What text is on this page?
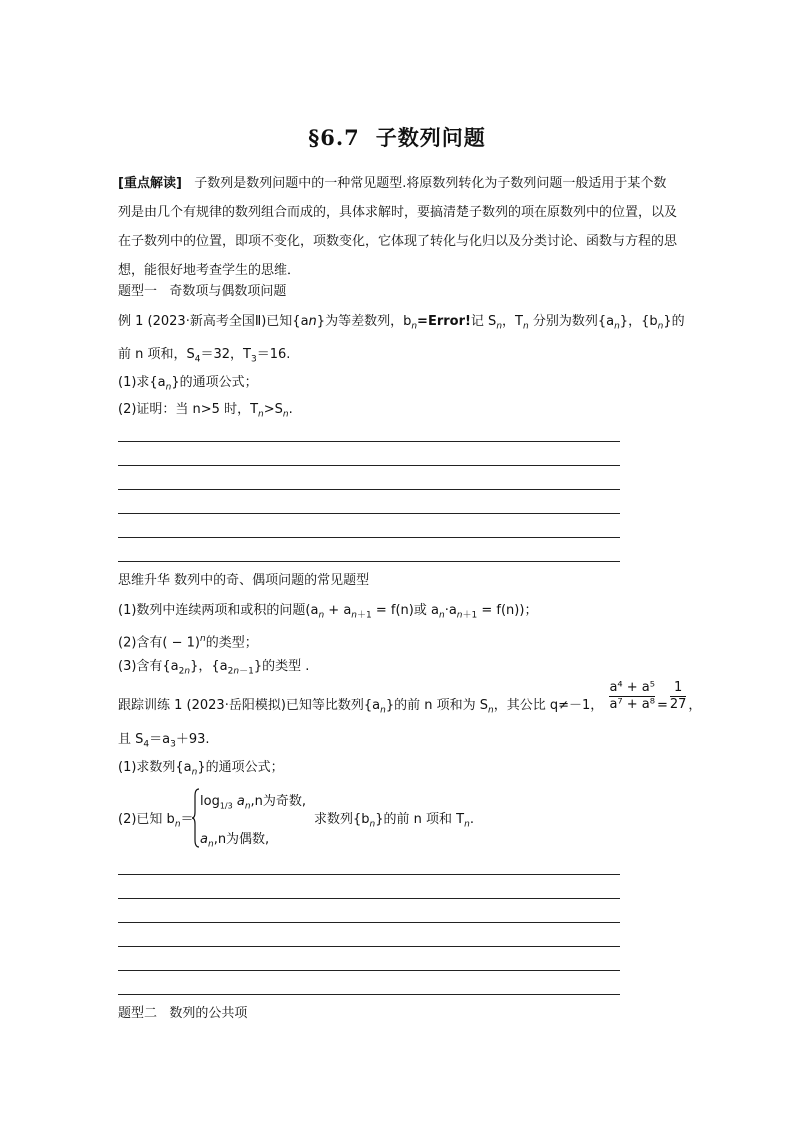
§6.7 子数列问题
[重点解读] 子数列是数列问题中的一种常见题型.将原数列转化为子数列问题一般适用于某个数列是由几个有规律的数列组合而成的，具体求解时，要搞清楚子数列的项在原数列中的位置，以及在子数列中的位置，即项不变化，项数变化，它体现了转化与化归以及分类讨论、函数与方程的思想，能很好地考查学生的思维．
题型一 奇数项与偶数项问题
例 1 (2023·新高考全国Ⅱ)已知{an}为等差数列，$b_n=Error$!记 $S_n$，$T_n$ 分别为数列$\{a_n\}$，$\{b_n\}$的
前 n 项和，$S_4=32$，$T_3=16$.
(1)求$\{a_n\}$的通项公式；
(2)证明：当 n>5 时，$T_n>S_n$.
思维升华 数列中的奇、偶项问题的常见题型
(1)数列中连续两项和或积的问题($a_n + a_{n+1} = f(n)$或 $a_n\cdot a_{n+1} = f(n)$)；
(2)含有( − 1)$^n$的类型；
(3)含有$\{a_{2n}\}$，$\{a_{2n-1}\}$的类型 .
跟踪训练 1 (2023·岳阳模拟)已知等比数列$\{a_n\}$的前 n 项和为 $S_n$，其公比 q≠－1， $\frac{\text{a⁴ + a⁵}}{\text{a⁷ + a⁸}} = \frac{1}{27}$ ，
且 $S_4=a_3+93$.
(1)求数列$\{a_n\}$的通项公式；
(2)已知 $b_n=$
$\log_{1/3} a_n,n$为奇数,
$a_n,n$为偶数,
求数列$\{b_n\}$的前 n 项和 $T_n$.
题型二 数列的公共项
